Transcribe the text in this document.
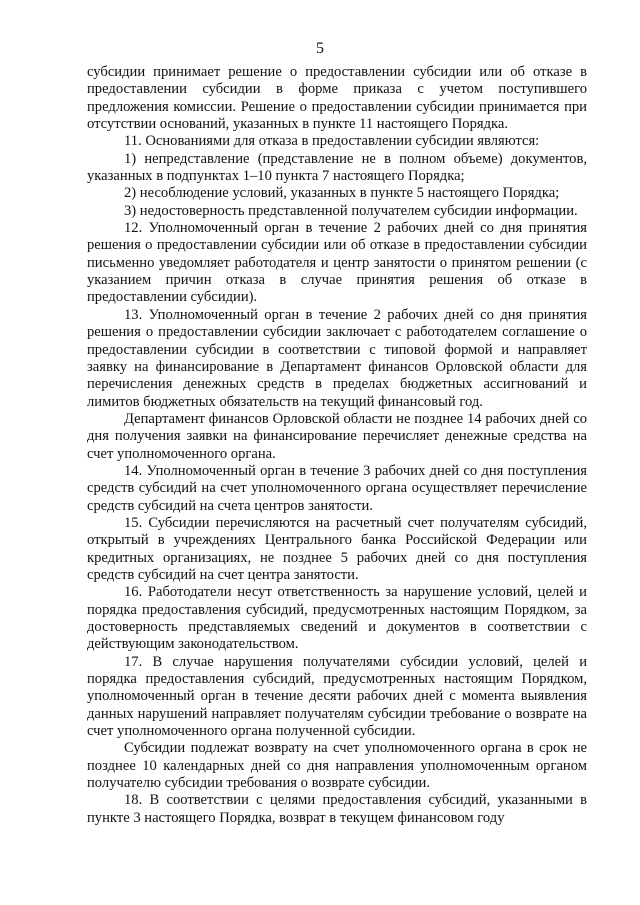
5

субсидии принимает решение о предоставлении субсидии или об отказе в предоставлении субсидии в форме приказа с учетом поступившего предложения комиссии. Решение о предоставлении субсидии принимается при отсутствии оснований, указанных в пункте 11 настоящего Порядка.

11. Основаниями для отказа в предоставлении субсидии являются:

1) непредставление (представление не в полном объеме) документов, указанных в подпунктах 1–10 пункта 7 настоящего Порядка;

2) несоблюдение условий, указанных в пункте 5 настоящего Порядка;

3) недостоверность представленной получателем субсидии информации.

12. Уполномоченный орган в течение 2 рабочих дней со дня принятия решения о предоставлении субсидии или об отказе в предоставлении субсидии письменно уведомляет работодателя и центр занятости о принятом решении (с указанием причин отказа в случае принятия решения об отказе в предоставлении субсидии).

13. Уполномоченный орган в течение 2 рабочих дней со дня принятия решения о предоставлении субсидии заключает с работодателем соглашение о предоставлении субсидии в соответствии с типовой формой и направляет заявку на финансирование в Департамент финансов Орловской области для перечисления денежных средств в пределах бюджетных ассигнований и лимитов бюджетных обязательств на текущий финансовый год.

Департамент финансов Орловской области не позднее 14 рабочих дней со дня получения заявки на финансирование перечисляет денежные средства на счет уполномоченного органа.

14. Уполномоченный орган в течение 3 рабочих дней со дня поступления средств субсидий на счет уполномоченного органа осуществляет перечисление средств субсидий на счета центров занятости.

15. Субсидии перечисляются на расчетный счет получателям субсидий, открытый в учреждениях Центрального банка Российской Федерации или кредитных организациях, не позднее 5 рабочих дней со дня поступления средств субсидий на счет центра занятости.

16. Работодатели несут ответственность за нарушение условий, целей и порядка предоставления субсидий, предусмотренных настоящим Порядком, за достоверность представляемых сведений и документов в соответствии с действующим законодательством.

17. В случае нарушения получателями субсидии условий, целей и порядка предоставления субсидий, предусмотренных настоящим Порядком, уполномоченный орган в течение десяти рабочих дней с момента выявления данных нарушений направляет получателям субсидии требование о возврате на счет уполномоченного органа полученной субсидии.

Субсидии подлежат возврату на счет уполномоченного органа в срок не позднее 10 календарных дней со дня направления уполномоченным органом получателю субсидии требования о возврате субсидии.

18. В соответствии с целями предоставления субсидий, указанными в пункте 3 настоящего Порядка, возврат в текущем финансовом году
